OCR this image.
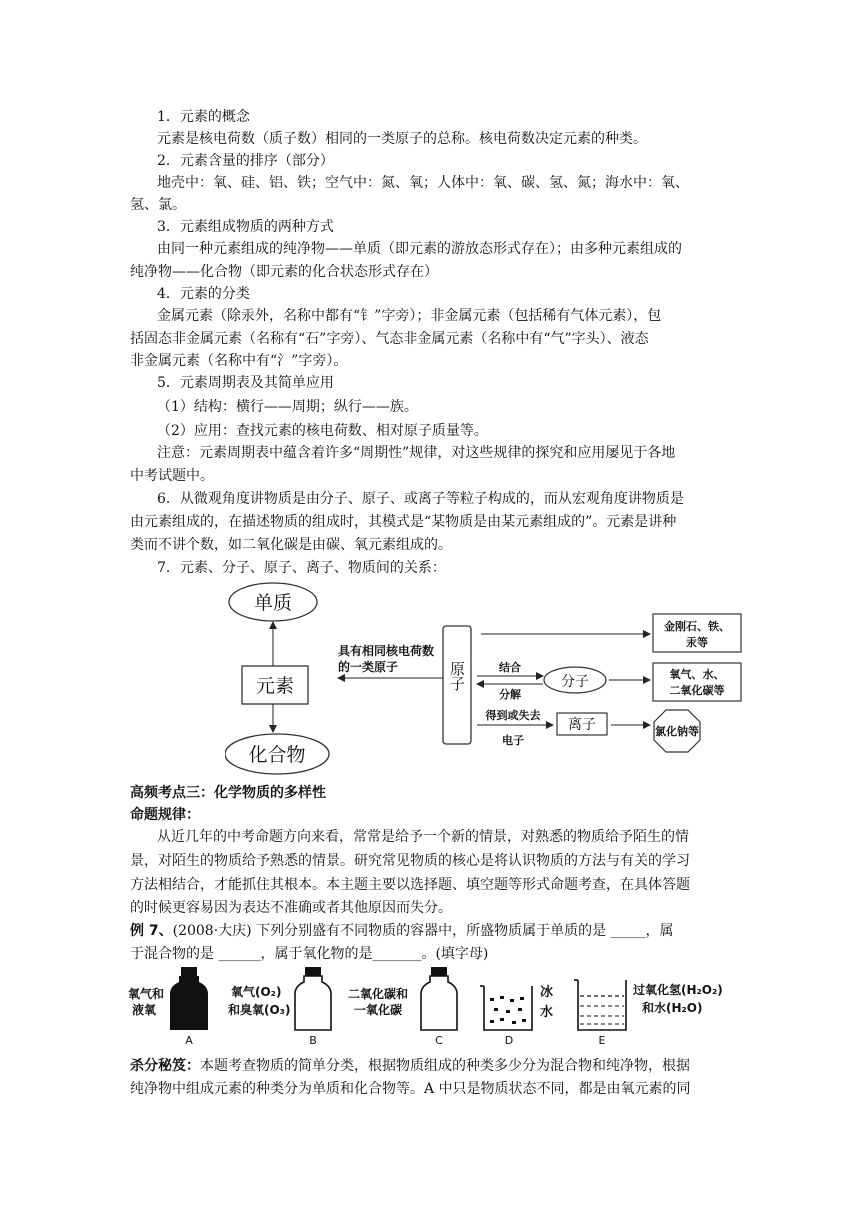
1．元素的概念
元素是核电荷数（质子数）相同的一类原子的总称。核电荷数决定元素的种类。
2．元素含量的排序（部分）
地壳中：氧、硅、铝、铁；空气中：氮、氧；人体中：氧、碳、氢、氮；海水中：氧、
氢、氯。
3．元素组成物质的两种方式
由同一种元素组成的纯净物——单质（即元素的游放态形式存在）；由多种元素组成的
纯净物——化合物（即元素的化合状态形式存在）
4．元素的分类
金属元素（除汞外，名称中都有“钅”字旁）；非金属元素（包括稀有气体元素），包
括固态非金属元素（名称有“石”字旁）、气态非金属元素（名称中有“气”字头）、液态
非金属元素（名称中有“氵”字旁）。
5．元素周期表及其简单应用
（1）结构：横行——周期；纵行——族。
（2）应用：查找元素的核电荷数、相对原子质量等。
注意：元素周期表中蕴含着许多“周期性”规律，对这些规律的探究和应用屡见于各地
中考试题中。
6．从微观角度讲物质是由分子、原子、或离子等粒子构成的，而从宏观角度讲物质是
由元素组成的，在描述物质的组成时，其模式是“某物质是由某元素组成的”。元素是讲种
类而不讲个数，如二氧化碳是由碳、氧元素组成的。
7．元素、分子、原子、离子、物质间的关系：
单质
元素
化合物
原子
具有相同核电荷数
的一类原子
金刚石、铁、
汞等
结合
分解
分子	氧气、水、
二氧化碳等
得到或失去
电子
离子	氯化钠等
高频考点三：化学物质的多样性
命题规律：
从近几年的中考命题方向来看，常常是给予一个新的情景，对熟悉的物质给予陌生的情
景，对陌生的物质给予熟悉的情景。研究常见物质的核心是将认识物质的方法与有关的学习
方法相结合，才能抓住其根本。本主题主要以选择题、填空题等形式命题考查，在具体答题
的时候更容易因为表达不准确或者其他原因而失分。
例 7、(2008·大庆) 下列分别盛有不同物质的容器中，所盛物质属于单质的是 _____，属
于混合物的是 ______，属于氧化物的是_______。(填字母)
氧气和
液氧
A
氧气(O₂)
和臭氧(O₃)
B
二氧化碳和
一氧化碳
C
冰
水
D
过氧化氢(H₂O₂)
和水(H₂O)
E
杀分秘笈：本题考查物质的简单分类，根据物质组成的种类多少分为混合物和纯净物，根据
纯净物中组成元素的种类分为单质和化合物等。A 中只是物质状态不同，都是由氧元素的同
